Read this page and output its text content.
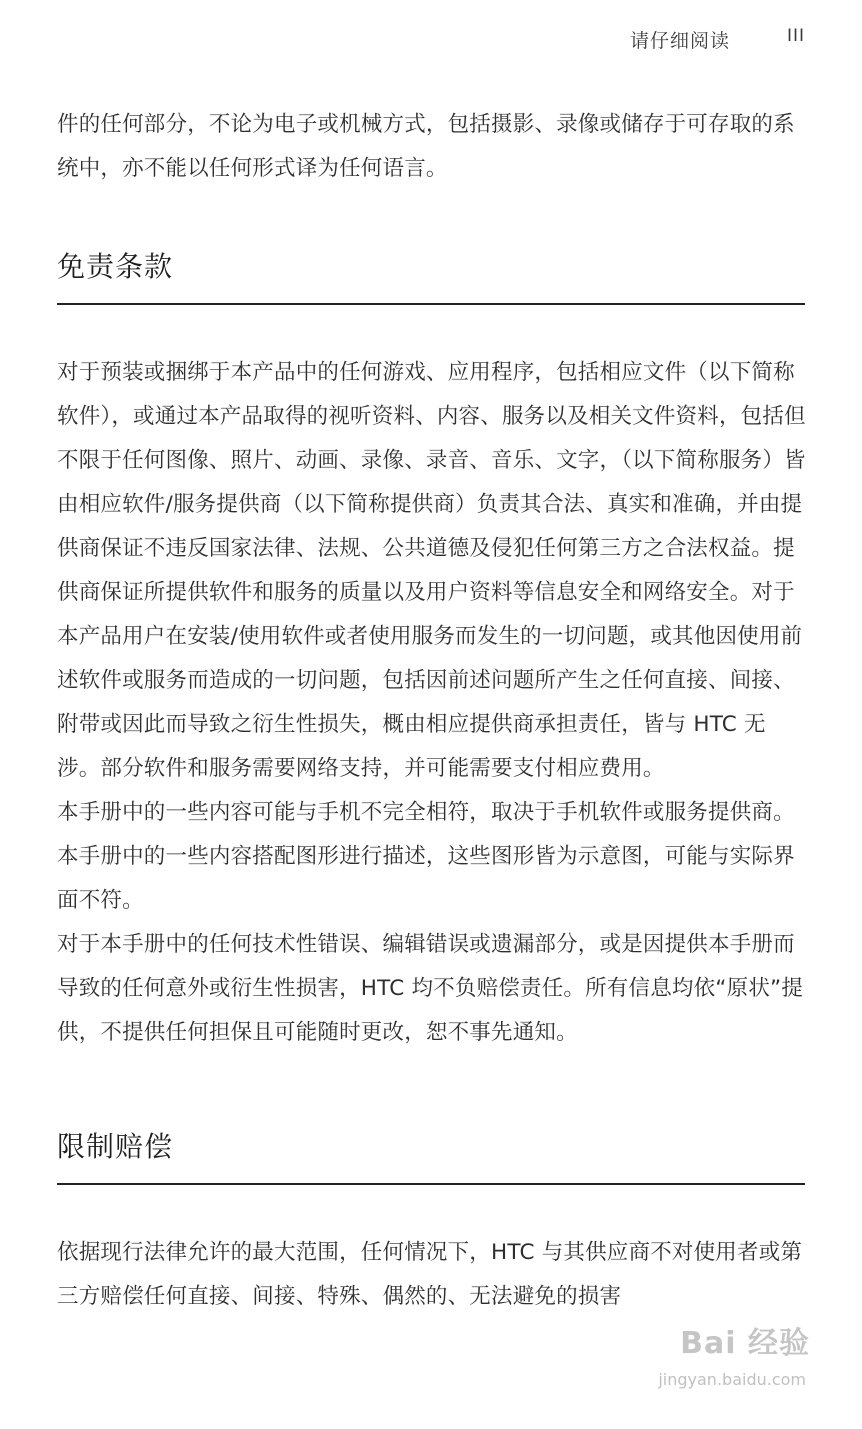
请仔细阅读	III

件的任何部分，不论为电子或机械方式，包括摄影、录像或储存于可存取的系统中，亦不能以任何形式译为任何语言。

免责条款

对于预装或捆绑于本产品中的任何游戏、应用程序，包括相应文件（以下简称软件），或通过本产品取得的视听资料、内容、服务以及相关文件资料，包括但不限于任何图像、照片、动画、录像、录音、音乐、文字，（以下简称服务）皆由相应软件/服务提供商（以下简称提供商）负责其合法、真实和准确，并由提供商保证不违反国家法律、法规、公共道德及侵犯任何第三方之合法权益。提供商保证所提供软件和服务的质量以及用户资料等信息安全和网络安全。对于本产品用户在安装/使用软件或者使用服务而发生的一切问题，或其他因使用前述软件或服务而造成的一切问题，包括因前述问题所产生之任何直接、间接、附带或因此而导致之衍生性损失，概由相应提供商承担责任，皆与 HTC 无涉。部分软件和服务需要网络支持，并可能需要支付相应费用。

本手册中的一些内容可能与手机不完全相符，取决于手机软件或服务提供商。

本手册中的一些内容搭配图形进行描述，这些图形皆为示意图，可能与实际界面不符。

对于本手册中的任何技术性错误、编辑错误或遗漏部分，或是因提供本手册而导致的任何意外或衍生性损害，HTC 均不负赔偿责任。所有信息均依“原状”提供，不提供任何担保且可能随时更改，恕不事先通知。

限制赔偿

依据现行法律允许的最大范围，任何情况下，HTC 与其供应商不对使用者或第三方赔偿任何直接、间接、特殊、偶然的、无法避免的损害

Bai 经验
jingyan.baidu.com
